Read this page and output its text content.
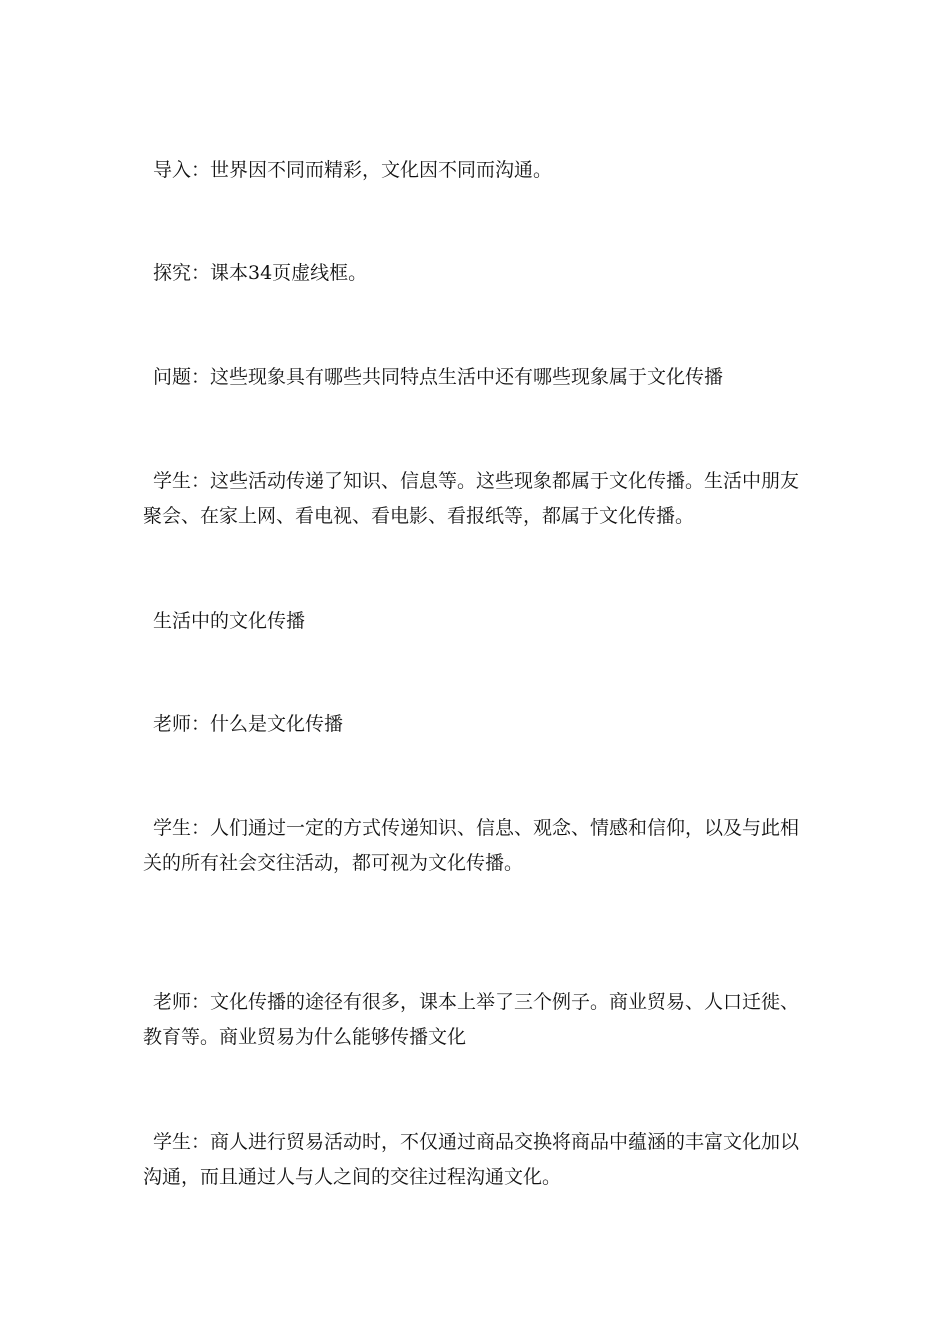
导入：世界因不同而精彩，文化因不同而沟通。

探究：课本34页虚线框。

问题：这些现象具有哪些共同特点生活中还有哪些现象属于文化传播

学生：这些活动传递了知识、信息等。这些现象都属于文化传播。生活中朋友聚会、在家上网、看电视、看电影、看报纸等，都属于文化传播。

生活中的文化传播

老师：什么是文化传播

学生：人们通过一定的方式传递知识、信息、观念、情感和信仰，以及与此相关的所有社会交往活动，都可视为文化传播。

老师：文化传播的途径有很多，课本上举了三个例子。商业贸易、人口迁徙、教育等。商业贸易为什么能够传播文化

学生：商人进行贸易活动时，不仅通过商品交换将商品中蕴涵的丰富文化加以沟通，而且通过人与人之间的交往过程沟通文化。
